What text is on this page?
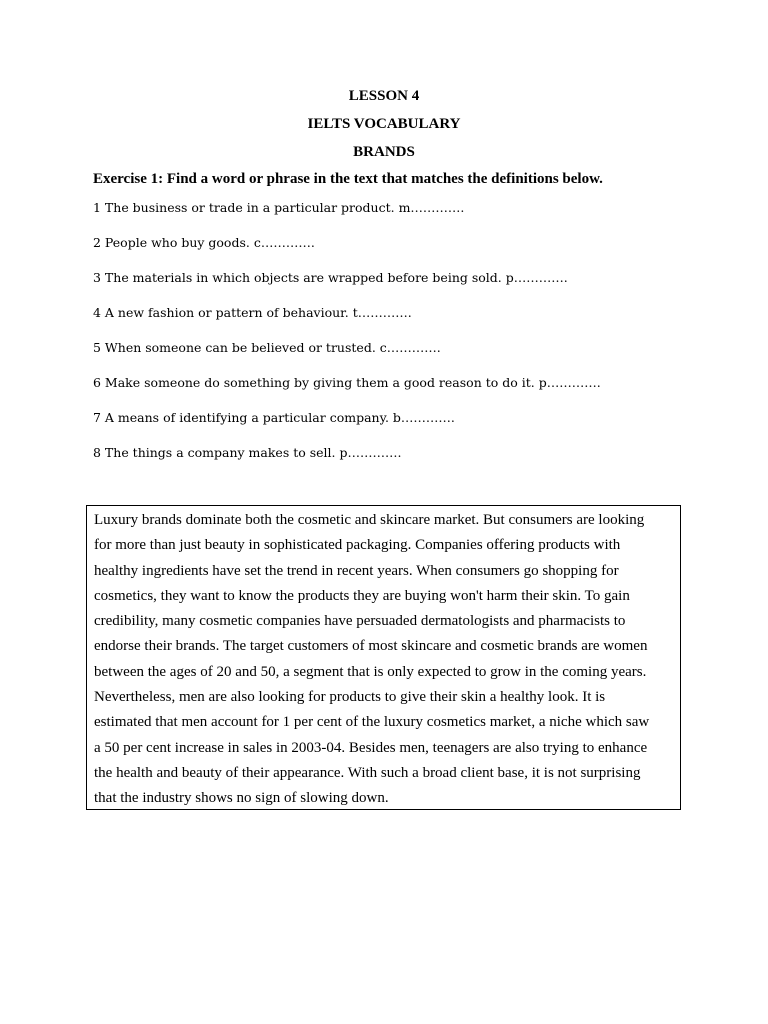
LESSON 4
IELTS VOCABULARY
BRANDS
Exercise 1: Find a word or phrase in the text that matches the definitions below.
1 The business or trade in a particular product. m………….
2 People who buy goods. c………….
3 The materials in which objects are wrapped before being sold. p………….
4 A new fashion or pattern of behaviour. t………….
5 When someone can be believed or trusted. c………….
6 Make someone do something by giving them a good reason to do it. p………….
7 A means of identifying a particular company. b………….
8 The things a company makes to sell. p………….
Luxury brands dominate both the cosmetic and skincare market. But consumers are looking
for more than just beauty in sophisticated packaging. Companies offering products with
healthy ingredients have set the trend in recent years. When consumers go shopping for
cosmetics, they want to know the products they are buying won't harm their skin. To gain
credibility, many cosmetic companies have persuaded dermatologists and pharmacists to
endorse their brands. The target customers of most skincare and cosmetic brands are women
between the ages of 20 and 50, a segment that is only expected to grow in the coming years.
Nevertheless, men are also looking for products to give their skin a healthy look. It is
estimated that men account for 1 per cent of the luxury cosmetics market, a niche which saw
a 50 per cent increase in sales in 2003-04. Besides men, teenagers are also trying to enhance
the health and beauty of their appearance. With such a broad client base, it is not surprising
that the industry shows no sign of slowing down.
